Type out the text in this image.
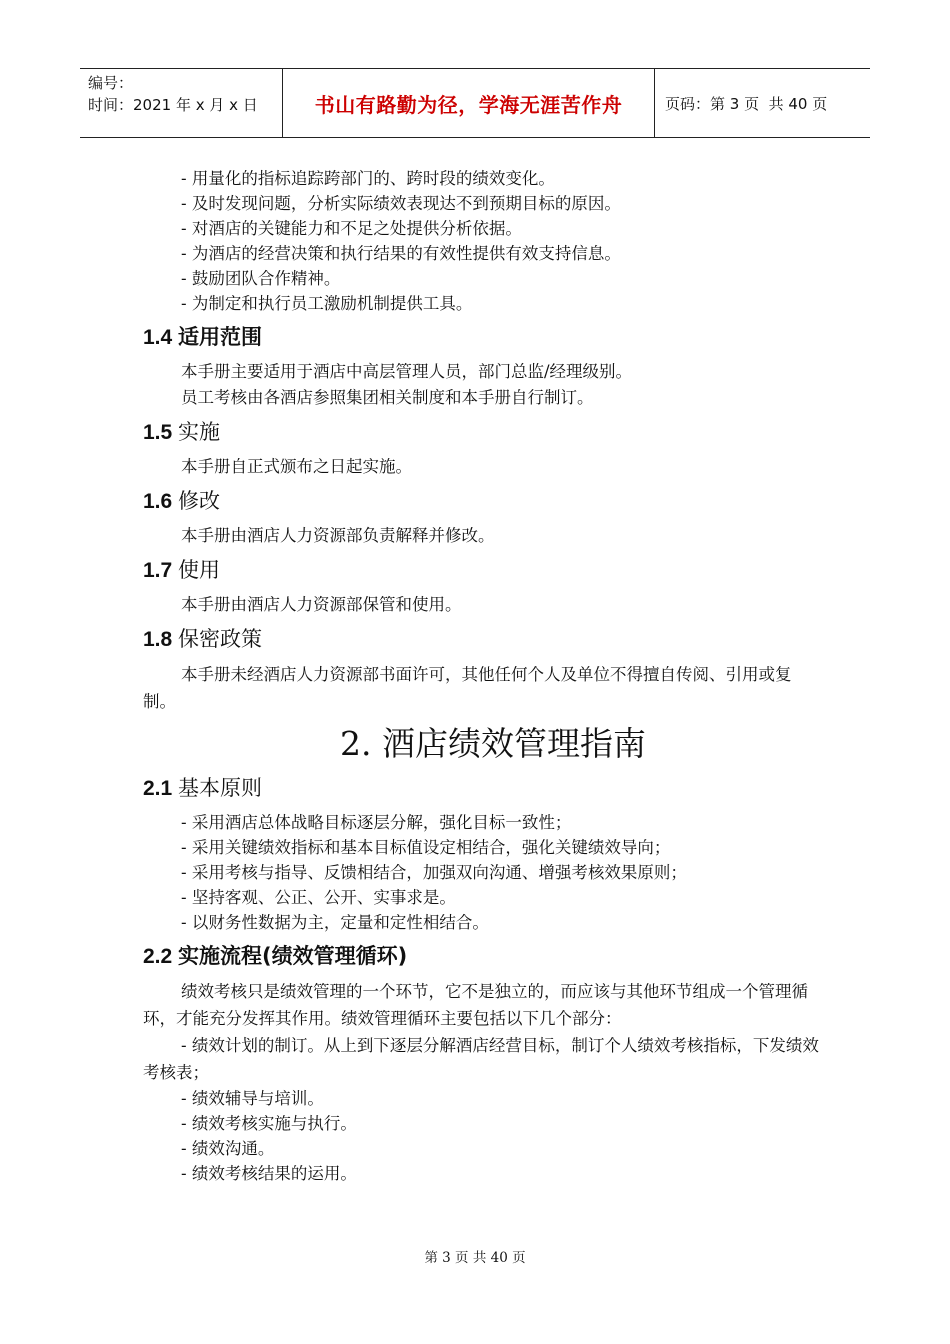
编号：
时间：2021 年 x 月 x 日	书山有路勤为径，学海无涯苦作舟	页码：第 3 页  共 40 页
- 用量化的指标追踪跨部门的、跨时段的绩效变化。
- 及时发现问题，分析实际绩效表现达不到预期目标的原因。
- 对酒店的关键能力和不足之处提供分析依据。
- 为酒店的经营决策和执行结果的有效性提供有效支持信息。
- 鼓励团队合作精神。
- 为制定和执行员工激励机制提供工具。
1.4 适用范围
本手册主要适用于酒店中高层管理人员，部门总监/经理级别。
员工考核由各酒店参照集团相关制度和本手册自行制订。
1.5 实施
本手册自正式颁布之日起实施。
1.6 修改
本手册由酒店人力资源部负责解释并修改。
1.7 使用
本手册由酒店人力资源部保管和使用。
1.8 保密政策
本手册未经酒店人力资源部书面许可，其他任何个人及单位不得擅自传阅、引用或复制。
2. 酒店绩效管理指南
2.1 基本原则
- 采用酒店总体战略目标逐层分解，强化目标一致性；
- 采用关键绩效指标和基本目标值设定相结合，强化关键绩效导向；
- 采用考核与指导、反馈相结合，加强双向沟通、增强考核效果原则；
- 坚持客观、公正、公开、实事求是。
- 以财务性数据为主，定量和定性相结合。
2.2 实施流程(绩效管理循环)
绩效考核只是绩效管理的一个环节，它不是独立的，而应该与其他环节组成一个管理循环，才能充分发挥其作用。绩效管理循环主要包括以下几个部分：
- 绩效计划的制订。从上到下逐层分解酒店经营目标，制订个人绩效考核指标，下发绩效考核表；
- 绩效辅导与培训。
- 绩效考核实施与执行。
- 绩效沟通。
- 绩效考核结果的运用。
第 3 页 共 40 页
